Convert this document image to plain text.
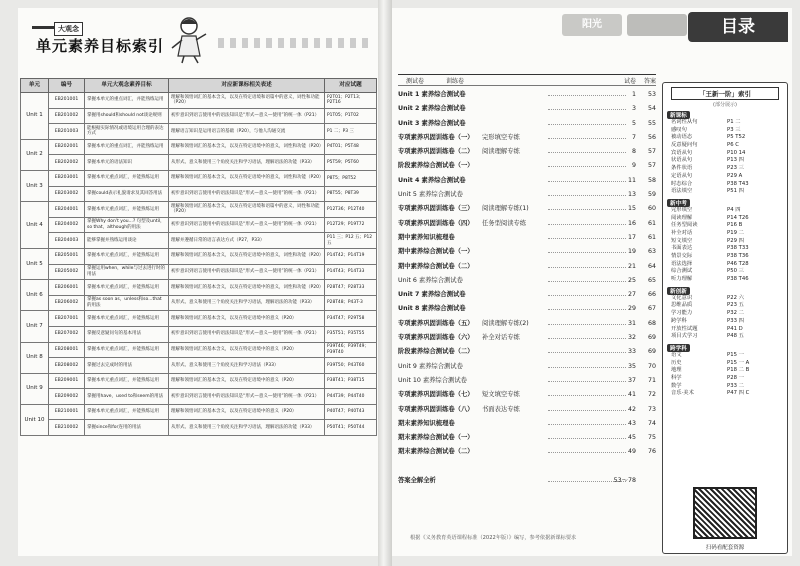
大观念
单元素养目标索引
单元	编号	单元大观念素养目标	对应新课标相关表述	对应试题
Unit 1	EB201001	掌握本单元的重点词汇，并能熟练运用	理解和领悟词汇的基本含义，以及在特定语境和语篇中的意义，词性和功能（P20）	P2T01；P2T13；P2T16
	EB201002	掌握用should和should not谈论规则	初步意识到语言使用中的语法知识是“形式—意义—使用”的统一体（P21）	P1T05；P1T02
	EB201003	能根据实际情况或语境运用合理的表达方式	理解语言知识是运用语言的基础（P20），与他人沟通交流	P1 二；P3 三
Unit 2	EB202001	掌握本单元的重点词汇，并能熟练运用	理解和领悟词汇的基本含义，以及在特定语境中的意义，词性和功能（P20）	P4T01；P5T48
	EB202002	掌握本单元的语法知识	从形式、意义和使用三个角度关注和学习语法，理解语法的功能（P33）	P5T59；P5T60
Unit 3	EB203001	掌握本单元重点词汇，并能熟练运用	理解和领悟词汇的基本含义，以及在特定语境中的意义，词性和功能（P20）	P8T5；P8T52
	EB203002	掌握could表示礼貌请求及其回答用法	初步意识到语言使用中的语法知识是“形式—意义—使用”的统一体（P21）	P8T55；P8T39
Unit 4	EB204001	掌握本单元重点词汇，并能熟练运用	理解和领悟词汇的基本含义，以及在特定语境和语篇中的意义，词性和功能（P20）	P12T36；P12T40
	EB204002	掌握Why don't you...? 句型及until，so that，although的用法	初步意识到语言使用中的语法知识是“形式—意义—使用”的统一体（P21）	P12T29；P19T72
	EB204003	能够掌握并熟练运用谈论	理解并遵循日常的语言表达方式（P27，P33）	P11 三；P12 五；P12 五
Unit 5	EB205001	掌握本单元重点词汇，并能熟练运用	理解和领悟词汇的基本含义，以及在特定语境中的意义，词性和功能（P20）	P14T42；P14T19
	EB205002	掌握运用when，while与过去进行时的用法	初步意识到语言使用中的语法知识是“形式—意义—使用”的统一体（P21）	P14T43；P14T33
Unit 6	EB206001	掌握本单元重点词汇，并能熟练运用	理解和领悟词汇的基本含义，以及在特定语境中的意义，词性和功能（P20）	P28T47；P28T33
	EB206002	掌握as soon as，unless和so...that的用法	从形式、意义和使用三个角度关注和学习语法，理解语法的功能（P33）	P28T48；P43T-3
Unit 7	EB207001	掌握本单元重点词汇，并能熟练运用	理解和领悟词汇的基本含义，以及在特定语境中的意义（P20）	P34T47；P29T58
	EB207002	掌握反意疑问句的基本用法	初步意识到语言使用中的语法知识是“形式—意义—使用”的统一体（P21）	P35T51；P35T55
Unit 8	EB208001	掌握本单元重点词汇，并能熟练运用	理解和领悟词汇的基本含义，以及在特定语境中的意义（P20）	P39T46；P39T49；P39T40
	EB208002	掌握过去完成时的用法	从形式、意义和使用三个角度关注和学习语法（P33）	P39T50；P43T60
Unit 9	EB209001	掌握本单元重点词汇，并能熟练运用	理解和领悟词汇的基本含义，以及在特定语境中的意义（P20）	P38T41；P38T15
	EB209002	掌握用have，used to和seem的用法	初步意识到语言使用中的语法知识是“形式—意义—使用”的统一体（P21）	P44T39；P44T40
Unit 10	EB210001	掌握本单元重点词汇，并能熟练运用	理解和领悟词汇的基本含义，以及在特定语境中的意义（P20）	P40T47；P40T43
	EB210002	掌握since和for连用的用法	从形式、意义和使用三个角度关注和学习语法，理解语法的功能（P33）	P50T41；P50T44
阳光	目录
测试卷	训练卷	试卷 答案
Unit 1 素养综合测试卷	1	53
Unit 2 素养综合测试卷	3	54
Unit 3 素养综合测试卷	5	55
专项素养巩固训练卷（一） 完形填空专练	7	56
专项素养巩固训练卷（二） 阅读理解专练	8	57
阶段素养综合测试卷（一）	9	57
Unit 4 素养综合测试卷	11	58
Unit 5 素养综合测试卷	13	59
专项素养巩固训练卷（三） 阅读理解专练(1)	15	60
专项素养巩固训练卷（四） 任务型阅读专练	16	61
期中素养知识梳理卷	17	61
期中素养综合测试卷（一）	19	63
期中素养综合测试卷（二）	21	64
Unit 6 素养综合测试卷	25	65
Unit 7 素养综合测试卷	27	66
Unit 8 素养综合测试卷	29	67
专项素养巩固训练卷（五） 阅读理解专练(2)	31	68
专项素养巩固训练卷（六） 补全对话专练	32	69
阶段素养综合测试卷（二）	33	69
Unit 9 素养综合测试卷	35	70
Unit 10 素养综合测试卷	37	71
专项素养巩固训练卷（七） 短文填空专练	41	72
专项素养巩固训练卷（八） 书面表达专练	42	73
期末素养知识梳理卷	43	74
期末素养综合测试卷（一）	45	75
期末素养综合测试卷（二）	49	76
答案全解全析	53～78
根据《义务教育英语课程标准（2022年版）》编写，参考依据新课标要求
「王新一阶」索引
(部分展示)
新课标
名词性从句	P1 二
感叹句	P3 三
被动语态	P5 T52
反意疑问句	P6 C
宾语从句	P10 14
状语从句	P13 四
条件状语	P23 三
定语从句	P29 A
时态综合	P38 T43
语法填空	P51 四
新中考
完形填空	P4 四
阅读理解	P14 T26
任务型阅读	P16 B
补全对话	P19 二
短文填空	P29 四
书面表达	P38 T33
情景交际	P38 T36
语法选择	P46 T28
综合测试	P50 三
听力理解	P38 T46
新创新
文化意识	P22 六
思维品质	P23 五
学习能力	P32 二
跨学科	P33 四
开放性试题	P41 D
项目式学习	P48 五
跨学科
语文	P15 一
历史	P15 一 A
地理	P18 二 B
科学	P28 一
数学	P33 二
音乐·美术	P47 四 C
扫码看配套资源
